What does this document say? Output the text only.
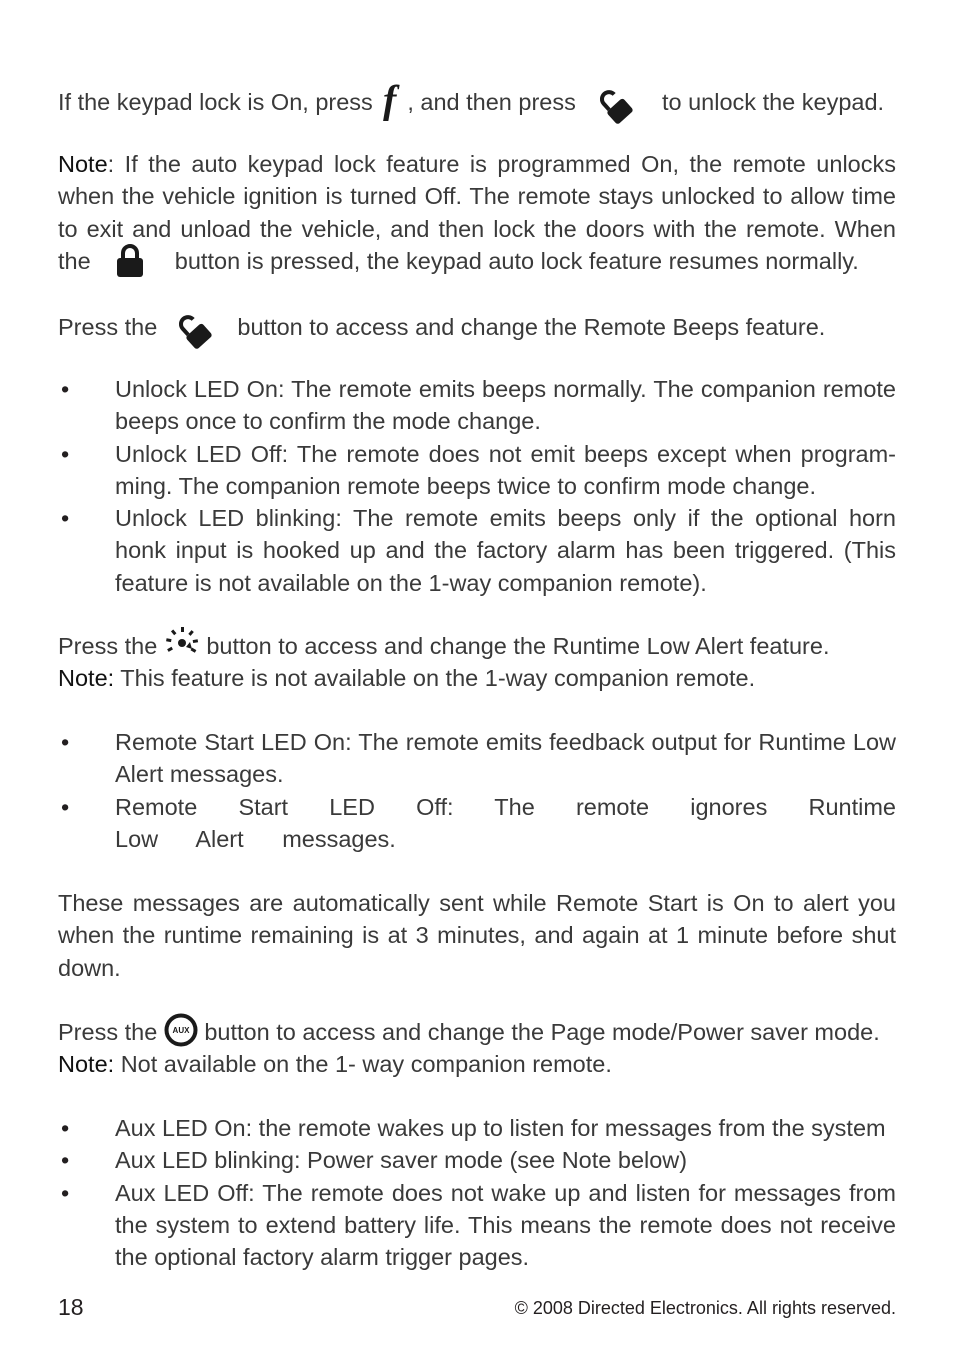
If the keypad lock is On, press f , and then press	to unlock the keypad.

Note: If the auto keypad lock feature is programmed On, the remote unlocks when the vehicle ignition is turned Off. The remote stays unlocked to allow time to exit and unload the vehicle, and then lock the doors with the remote. When the	button is pressed, the keypad auto lock feature resumes normally.

Press the	button to access and change the Remote Beeps feature.

• Unlock LED On: The remote emits beeps normally. The companion remote beeps once to confirm the mode change.
• Unlock LED Off: The remote does not emit beeps except when program-ming. The companion remote beeps twice to confirm mode change.
• Unlock LED blinking: The remote emits beeps only if the optional horn honk input is hooked up and the factory alarm has been triggered. (This feature is not available on the 1-way companion remote).

Press the button to access and change the Runtime Low Alert feature.

Note: This feature is not available on the 1-way companion remote.

• Remote Start LED On: The remote emits feedback output for Runtime Low Alert messages.
• Remote Start LED Off: The remote ignores Runtime Low Alert messages.

These messages are automatically sent while Remote Start is On to alert you when the runtime remaining is at 3 minutes, and again at 1 minute before shut down.

Press the AUX button to access and change the Page mode/Power saver mode.

Note: Not available on the 1- way companion remote.

• Aux LED On: the remote wakes up to listen for messages from the system
• Aux LED blinking: Power saver mode (see Note below)
• Aux LED Off: The remote does not wake up and listen for messages from the system to extend battery life. This means the remote does not receive the optional factory alarm trigger pages.
18	© 2008 Directed Electronics. All rights reserved.
